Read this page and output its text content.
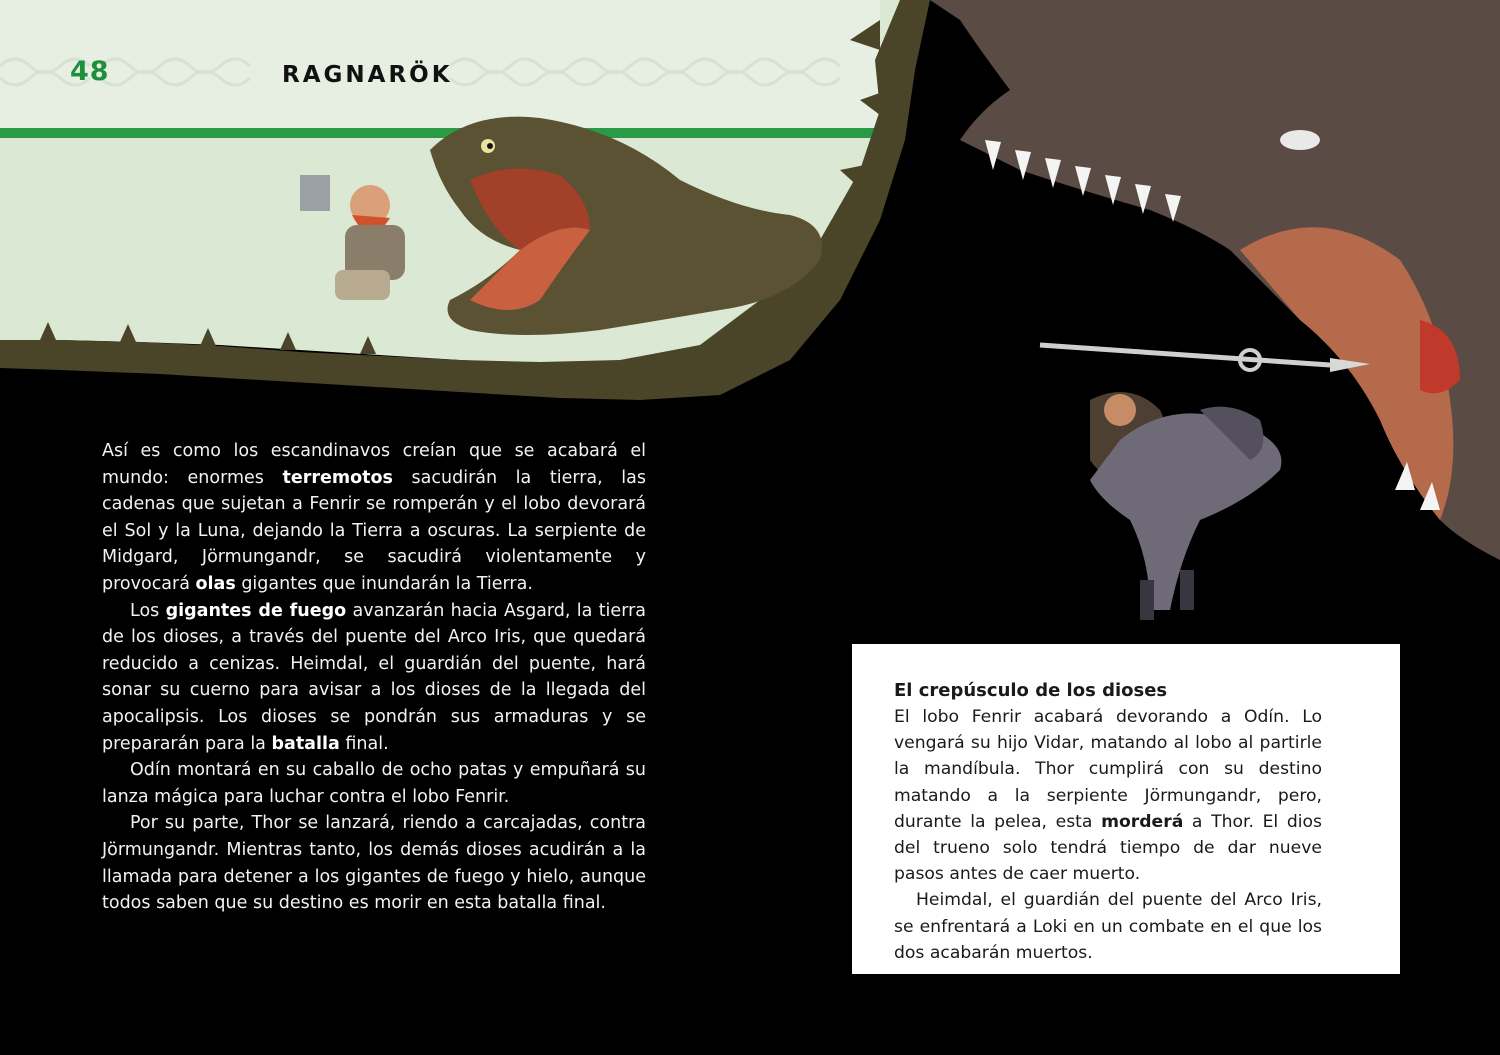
48	RAGNARÖK

Así es como los escandinavos creían que se acabará el mundo: enormes terremotos sacudirán la tierra, las cadenas que sujetan a Fenrir se romperán y el lobo devorará el Sol y la Luna, dejando la Tierra a oscuras. La serpiente de Midgard, Jörmungandr, se sacudirá violentamente y provocará olas gigantes que inundarán la Tierra.

Los gigantes de fuego avanzarán hacia Asgard, la tierra de los dioses, a través del puente del Arco Iris, que quedará reducido a cenizas. Heimdal, el guardián del puente, hará sonar su cuerno para avisar a los dioses de la llegada del apocalipsis. Los dioses se pondrán sus armaduras y se prepararán para la batalla final.

Odín montará en su caballo de ocho patas y empuñará su lanza mágica para luchar contra el lobo Fenrir.

Por su parte, Thor se lanzará, riendo a carcajadas, contra Jörmungandr. Mientras tanto, los demás dioses acudirán a la llamada para detener a los gigantes de fuego y hielo, aunque todos saben que su destino es morir en esta batalla final.

El crepúsculo de los dioses

El lobo Fenrir acabará devorando a Odín. Lo vengará su hijo Vidar, matando al lobo al partirle la mandíbula. Thor cumplirá con su destino matando a la serpiente Jörmungandr, pero, durante la pelea, esta morderá a Thor. El dios del trueno solo tendrá tiempo de dar nueve pasos antes de caer muerto.

Heimdal, el guardián del puente del Arco Iris, se enfrentará a Loki en un combate en el que los dos acabarán muertos.
